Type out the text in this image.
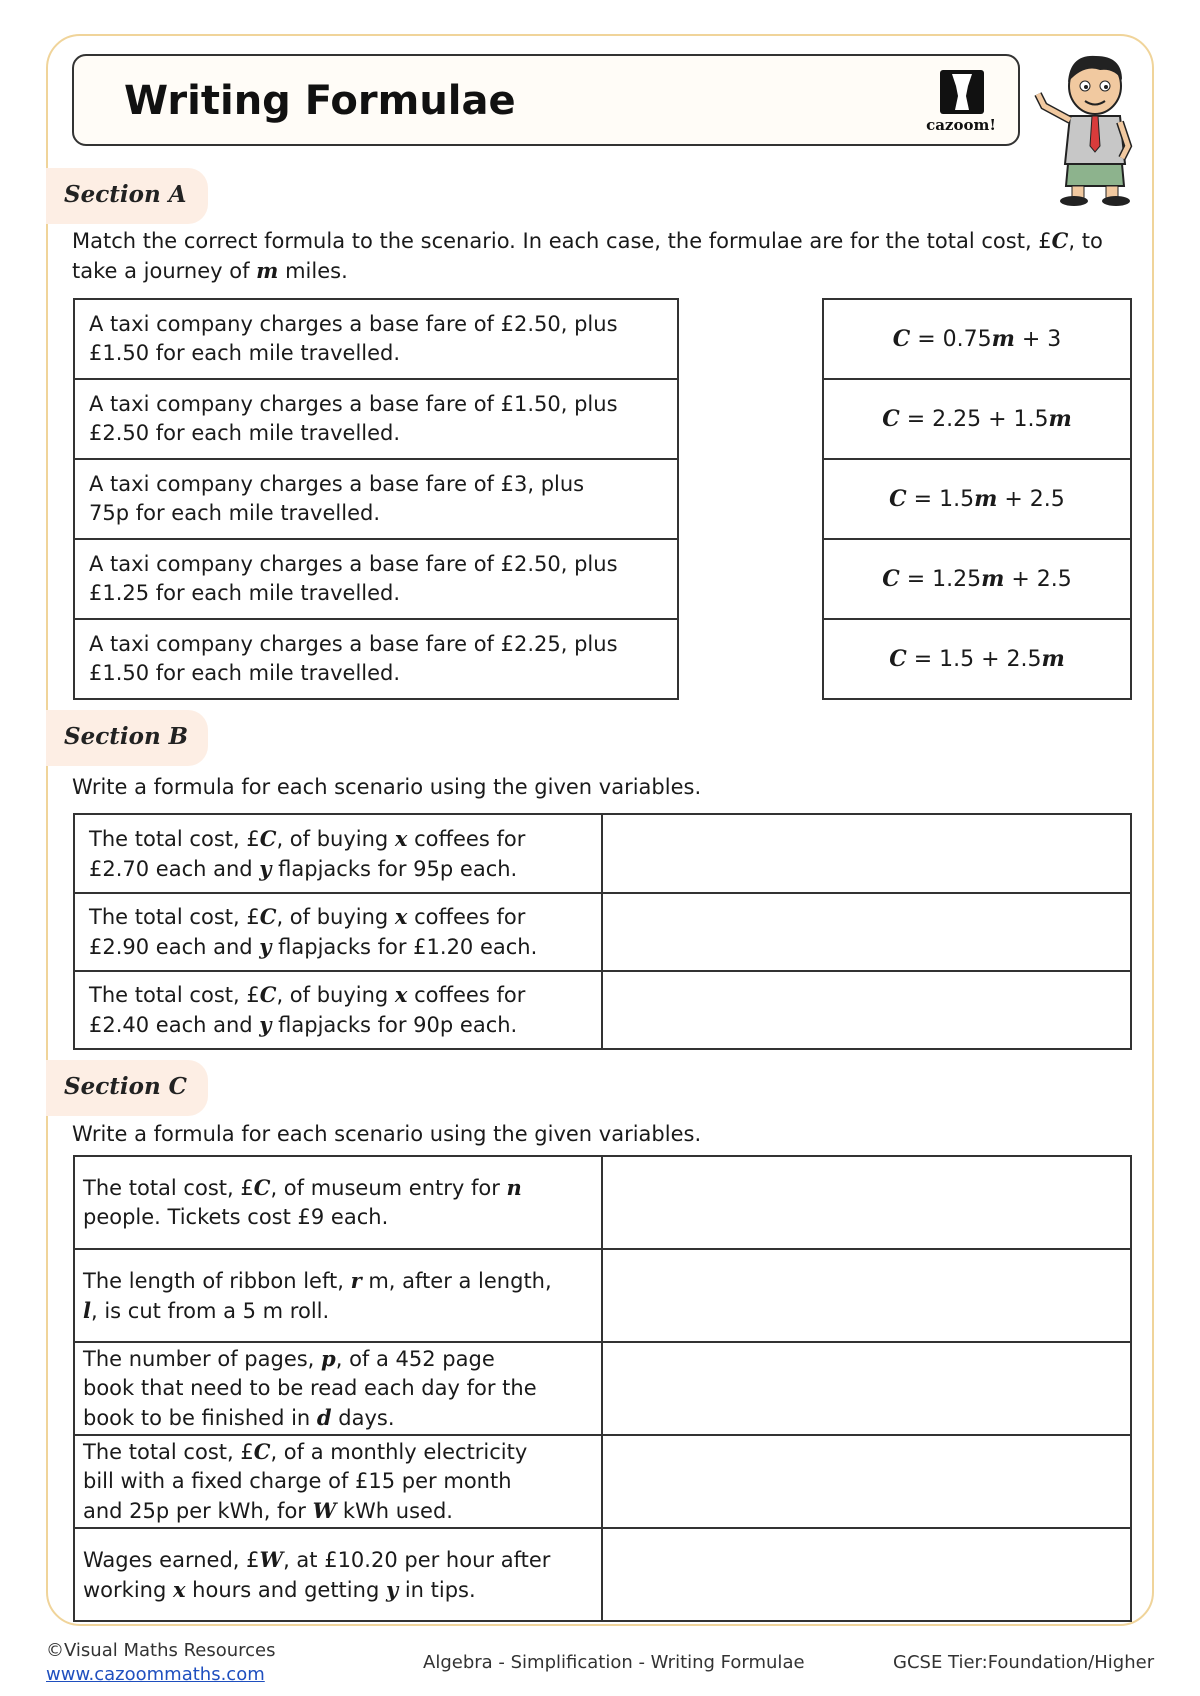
Writing Formulae
cazoom!
Section A
Match the correct formula to the scenario. In each case, the formulae are for the total cost, £C, to take a journey of m miles.
A taxi company charges a base fare of £2.50, plus
£1.50 for each mile travelled.
A taxi company charges a base fare of £1.50, plus
£2.50 for each mile travelled.
A taxi company charges a base fare of £3, plus
75p for each mile travelled.
A taxi company charges a base fare of £2.50, plus
£1.25 for each mile travelled.
A taxi company charges a base fare of £2.25, plus
£1.50 for each mile travelled.
C = 0.75m + 3
C = 2.25 + 1.5m
C = 1.5m + 2.5
C = 1.25m + 2.5
C = 1.5 + 2.5m
Section B
Write a formula for each scenario using the given variables.
The total cost, £C, of buying x coffees for
£2.70 each and y flapjacks for 95p each.	
The total cost, £C, of buying x coffees for
£2.90 each and y flapjacks for £1.20 each.	
The total cost, £C, of buying x coffees for
£2.40 each and y flapjacks for 90p each.	
Section C
Write a formula for each scenario using the given variables.
The total cost, £C, of museum entry for n
people. Tickets cost £9 each.	
The length of ribbon left, r m, after a length,
l, is cut from a 5 m roll.	
The number of pages, p, of a 452 page
book that need to be read each day for the
book to be finished in d days.	
The total cost, £C, of a monthly electricity
bill with a fixed charge of £15 per month
and 25p per kWh, for W kWh used.	
Wages earned, £W, at £10.20 per hour after
working x hours and getting y in tips.	
©Visual Maths Resources
www.cazoommaths.com
Algebra - Simplification - Writing Formulae	GCSE Tier:Foundation/Higher
